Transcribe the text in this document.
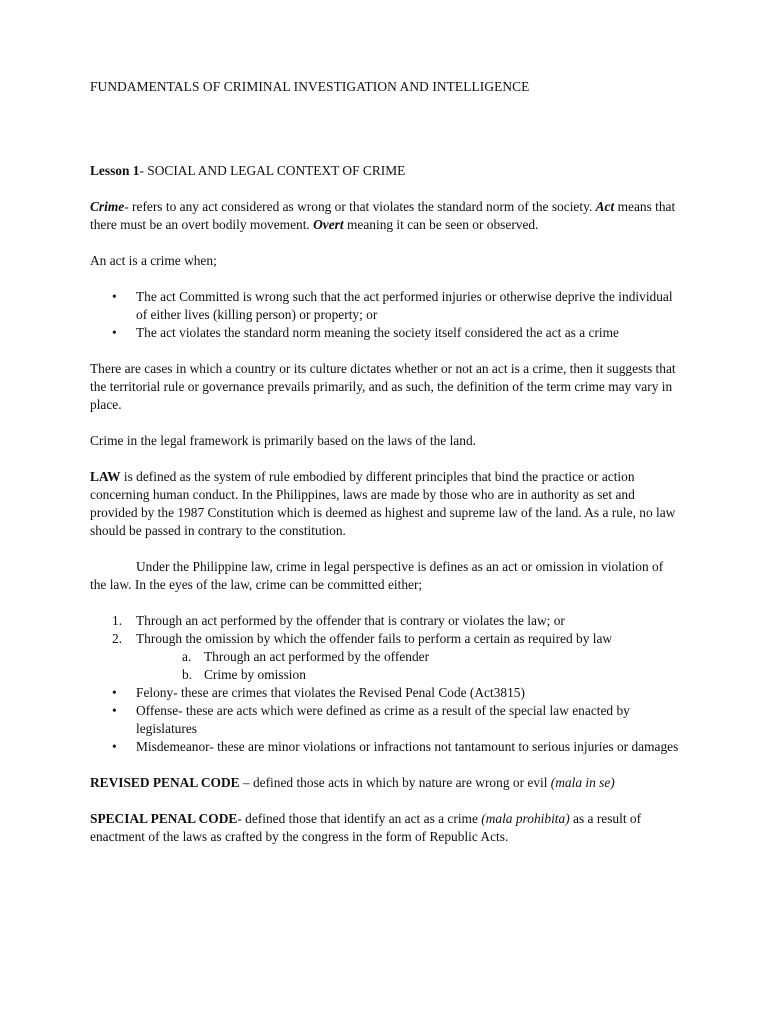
FUNDAMENTALS OF CRIMINAL INVESTIGATION AND INTELLIGENCE
Lesson 1- SOCIAL AND LEGAL CONTEXT OF CRIME

Crime- refers to any act considered as wrong or that violates the standard norm of the society. Act means that there must be an overt bodily movement. Overt meaning it can be seen or observed.

An act is a crime when;

• The act Committed is wrong such that the act performed injuries or otherwise deprive the individual of either lives (killing person) or property; or
• The act violates the standard norm meaning the society itself considered the act as a crime

There are cases in which a country or its culture dictates whether or not an act is a crime, then it suggests that the territorial rule or governance prevails primarily, and as such, the definition of the term crime may vary in place.

Crime in the legal framework is primarily based on the laws of the land.

LAW is defined as the system of rule embodied by different principles that bind the practice or action concerning human conduct. In the Philippines, laws are made by those who are in authority as set and provided by the 1987 Constitution which is deemed as highest and supreme law of the land. As a rule, no law should be passed in contrary to the constitution.

Under the Philippine law, crime in legal perspective is defines as an act or omission in violation of the law. In the eyes of the law, crime can be committed either;

1. Through an act performed by the offender that is contrary or violates the law; or
2. Through the omission by which the offender fails to perform a certain as required by law
a. Through an act performed by the offender
b. Crime by omission
• Felony- these are crimes that violates the Revised Penal Code (Act3815)
• Offense- these are acts which were defined as crime as a result of the special law enacted by legislatures
• Misdemeanor- these are minor violations or infractions not tantamount to serious injuries or damages

REVISED PENAL CODE – defined those acts in which by nature are wrong or evil (mala in se)

SPECIAL PENAL CODE- defined those that identify an act as a crime (mala prohibita) as a result of enactment of the laws as crafted by the congress in the form of Republic Acts.
